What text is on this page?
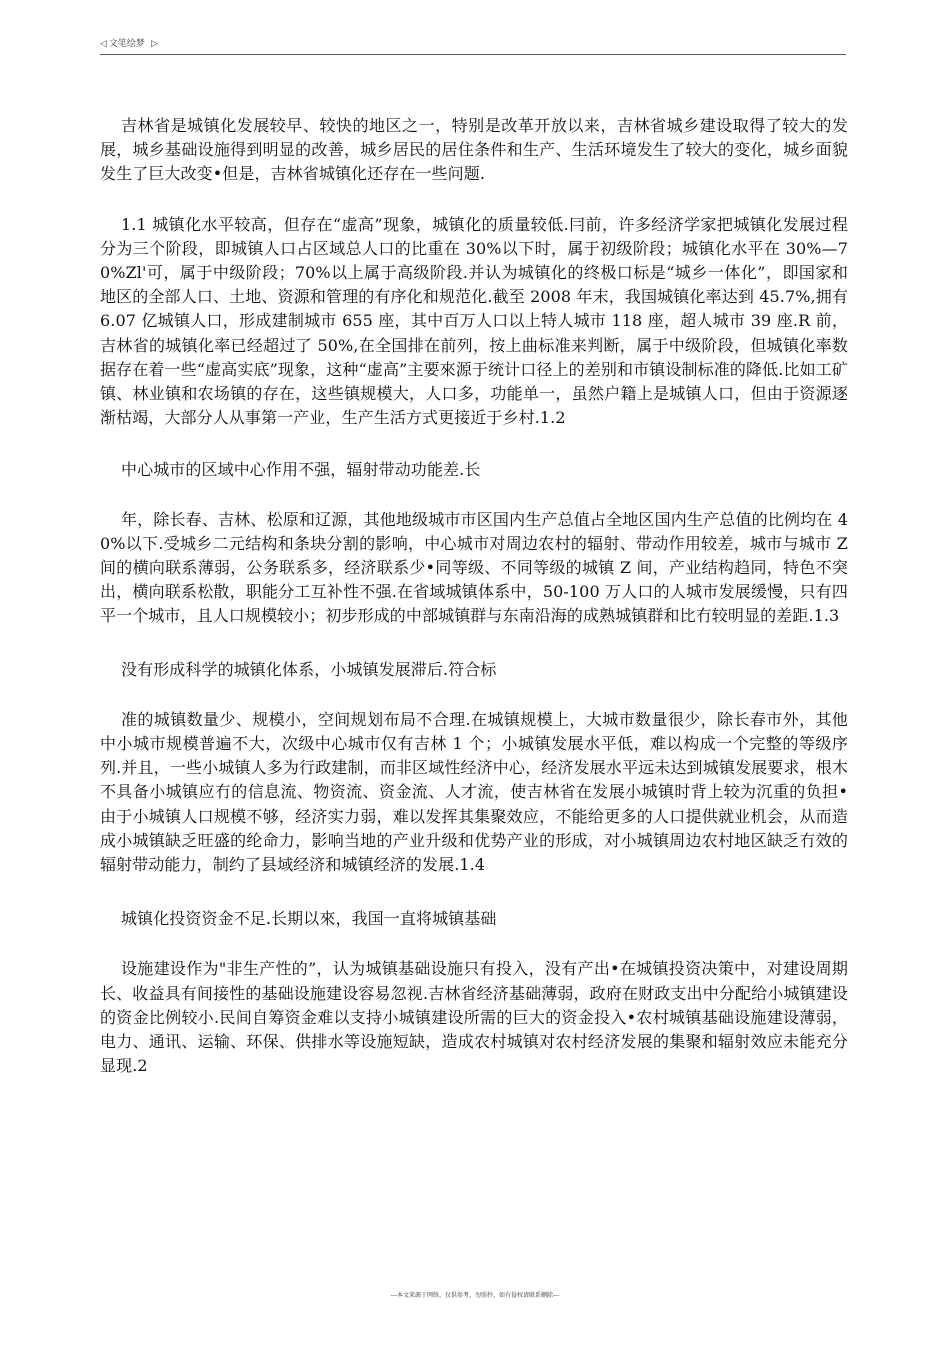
◁ 文笔绘梦 ▷

吉林省是城镇化发展较早、较快的地区之一，特别是改革开放以来，吉林省城乡建设取得了较大的发展，城乡基础设施得到明显的改善，城乡居民的居住条件和生产、生活环境发生了较大的变化，城乡面貌发生了巨大改变•但是，吉林省城镇化还存在一些问题.

1.1 城镇化水平较高，但存在“虚高”现象，城镇化的质量较低.冃前，许多经济学家把城镇化发展过程分为三个阶段，即城镇人口占区域总人口的比重在 30%以下时，属于初级阶段；城镇化水平在 30%—70%Zl'可，属于中级阶段；70%以上属于高级阶段.并认为城镇化的终极口标是“城乡一体化”，即国家和地区的全部人口、土地、资源和管理的有序化和规范化.截至 2008 年末，我国城镇化率达到 45.7%,拥有 6.07 亿城镇人口，形成建制城市 655 座，其中百万人口以上特人城市 118 座，超人城市 39 座.R 前，吉林省的城镇化率已经超过了 50%,在全国排在前列，按上曲标准来判断，属于中级阶段，但城镇化率数据存在着一些“虚高实底”现象，这种“虚高”主要來源于统计口径上的差别和市镇设制标准的降低.比如工矿镇、林业镇和农场镇的存在，这些镇规模大，人口多，功能单一，虽然户籍上是城镇人口，但由于资源逐渐枯竭，大部分人从事第一产业，生产生活方式更接近于乡村.1.2

中心城市的区域中心作用不强，辐射带动功能差.长

年，除长春、吉林、松原和辽源，其他地级城市市区国内生产总值占全地区国内生产总值的比例均在 40%以下.受城乡二元结构和条块分割的影响，中心城市对周边农村的辐射、带动作用较差，城市与城市 Z 间的横向联系薄弱，公务联系多，经济联系少•同等级、不同等级的城镇 Z 间，产业结构趋同，特色不突出，横向联系松散，职能分工互补性不强.在省域城镇体系中，50-100 万人口的人城市发展缓慢，只有四平一个城市，且人口规模较小；初步形成的中部城镇群与东南沿海的成熟城镇群和比冇较明显的差距.1.3

没有形成科学的城镇化体系，小城镇发展滞后.符合标

准的城镇数量少、规模小，空间规划布局不合理.在城镇规模上，大城市数量很少，除长春市外，其他中小城市规模普遍不大，次级中心城市仅有吉林 1 个；小城镇发展水平低，难以构成一个完整的等级序列.并且，一些小城镇人多为行政建制，而非区域性经济中心，经济发展水平远未达到城镇发展要求，根木不具备小城镇应冇的信息流、物资流、资金流、人才流，使吉林省在发展小城镇时背上较为沉重的负担•由于小城镇人口规模不够，经济实力弱，难以发挥其集聚效应，不能给更多的人口提供就业机会，从而造成小城镇缺乏旺盛的纶命力，影响当地的产业升级和优势产业的形成，对小城镇周边农村地区缺乏冇效的辐射带动能力，制约了县域经济和城镇经济的发展.1.4

城镇化投资资金不足.长期以來，我国一直将城镇基础

设施建设作为"非生产性的”，认为城镇基础设施只有投入，没有产出•在城镇投资决策中，对建设周期长、收益具有间接性的基础设施建设容易忽视.吉林省经济基础薄弱，政府在财政支出中分配给小城镇建设的资金比例较小.民间自筹资金难以支持小城镇建设所需的巨大的资金投入•农村城镇基础设施建设薄弱，电力、通讯、运输、环保、供排水等设施短缺，造成农村城镇对农村经济发展的集聚和辐射效应未能充分显现.2

---本文来源于网络，仅供参考，勿照抄，如有侵权请联系删除---
